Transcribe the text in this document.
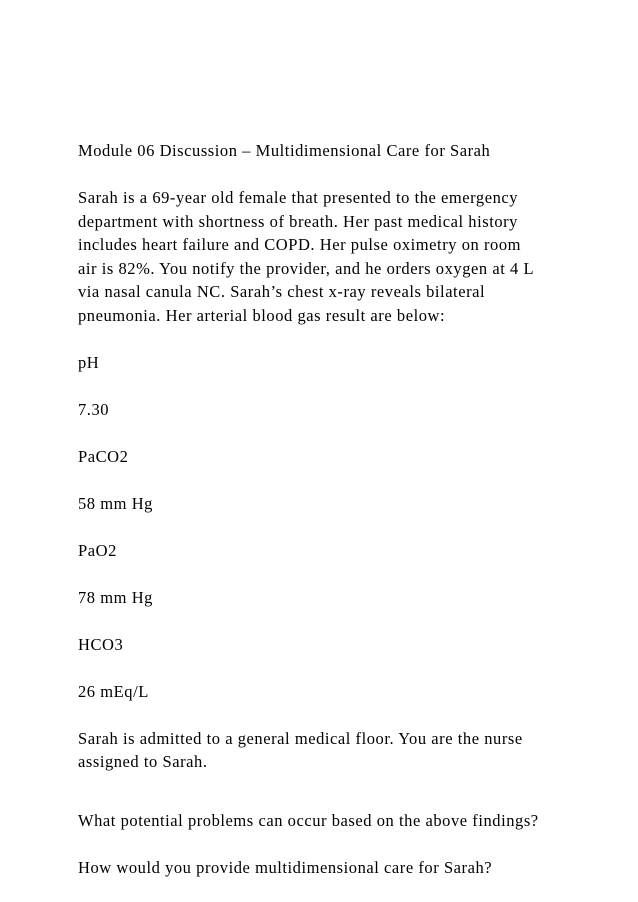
Module 06 Discussion – Multidimensional Care for Sarah
Sarah is a 69-year old female that presented to the emergency
department with shortness of breath. Her past medical history
includes heart failure and COPD. Her pulse oximetry on room
air is 82%. You notify the provider, and he orders oxygen at 4 L
via nasal canula NC. Sarah’s chest x-ray reveals bilateral
pneumonia. Her arterial blood gas result are below:
pH
7.30
PaCO2
58 mm Hg
PaO2
78 mm Hg
HCO3
26 mEq/L
Sarah is admitted to a general medical floor. You are the nurse
assigned to Sarah.
What potential problems can occur based on the above findings?
How would you provide multidimensional care for Sarah?
